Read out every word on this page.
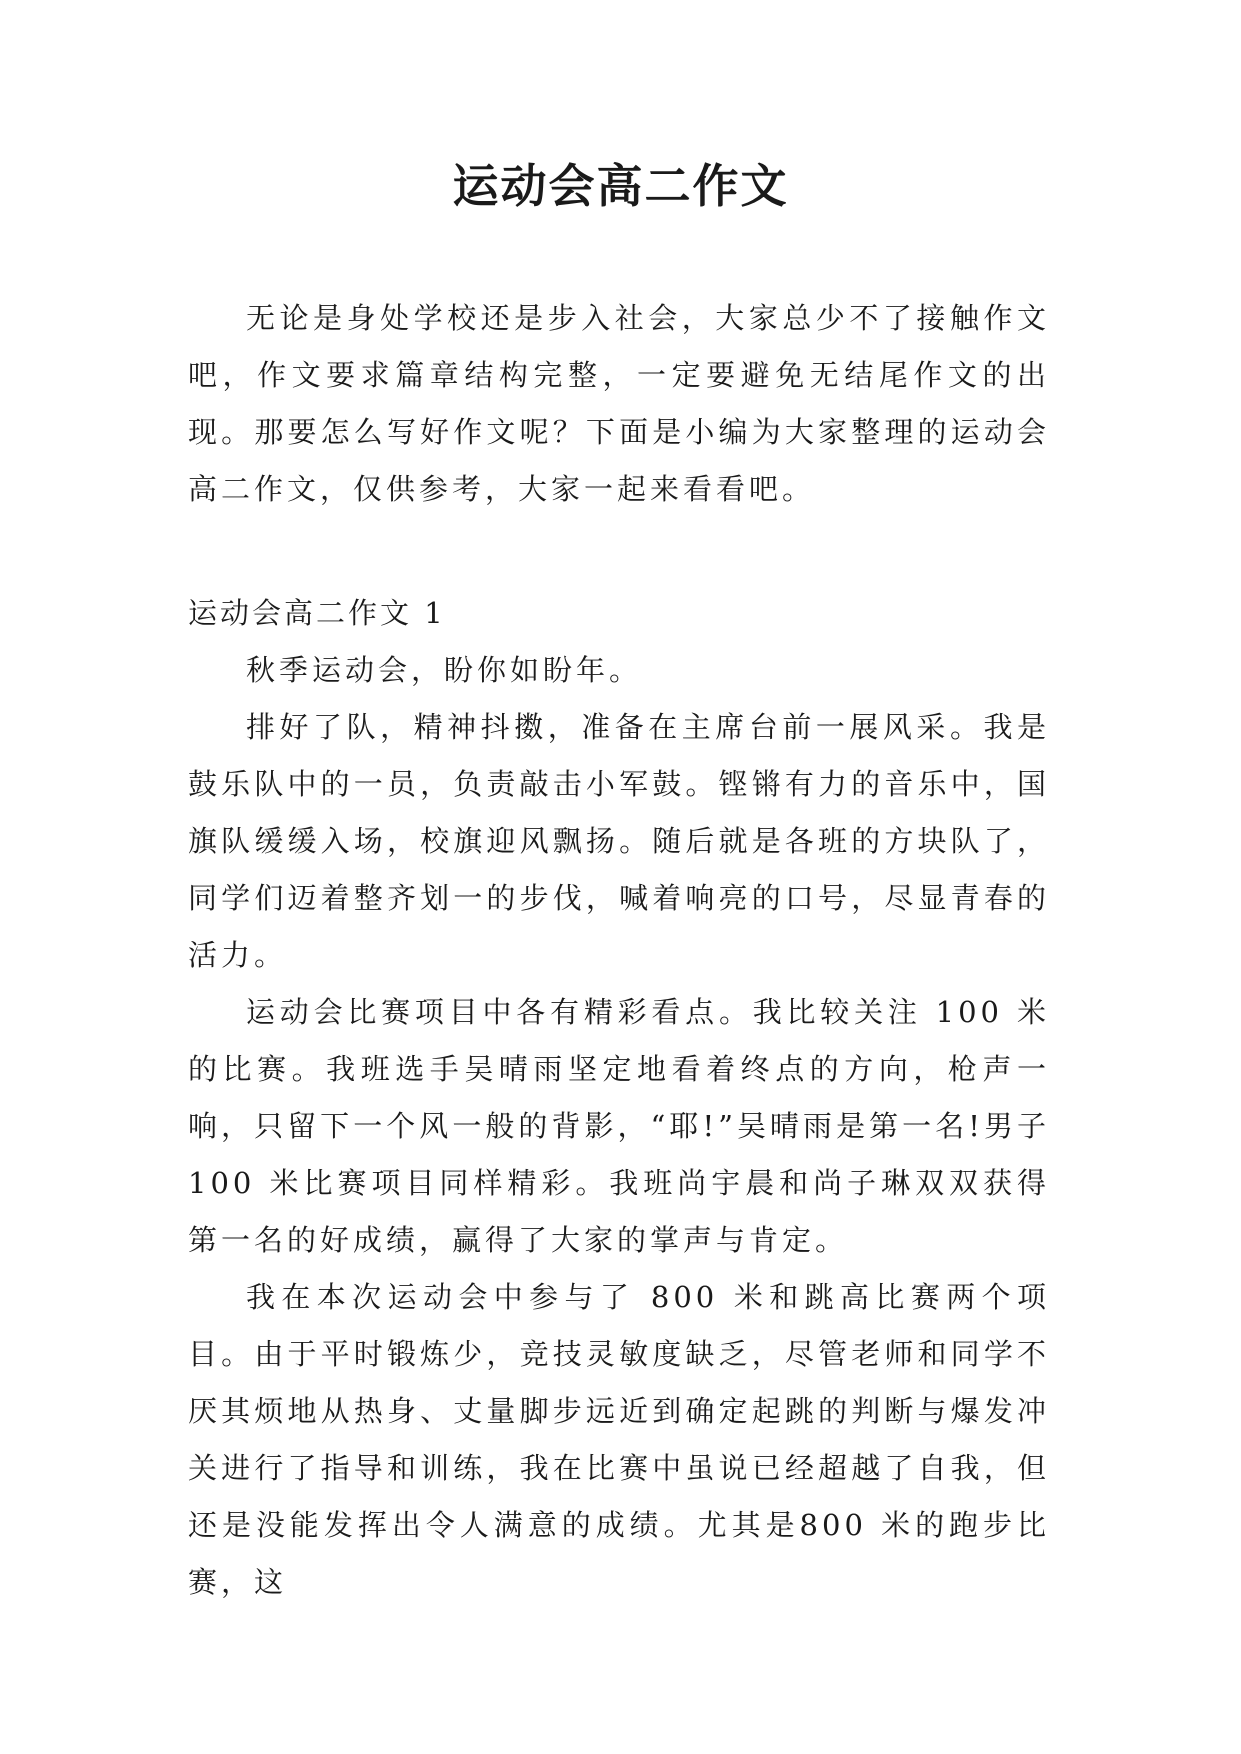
运动会高二作文

无论是身处学校还是步入社会，大家总少不了接触作文吧，作文要求篇章结构完整，一定要避免无结尾作文的出现。那要怎么写好作文呢？下面是小编为大家整理的运动会高二作文，仅供参考，大家一起来看看吧。

运动会高二作文 1

秋季运动会，盼你如盼年。

排好了队，精神抖擞，准备在主席台前一展风采。我是鼓乐队中的一员，负责敲击小军鼓。铿锵有力的音乐中，国旗队缓缓入场，校旗迎风飘扬。随后就是各班的方块队了，同学们迈着整齐划一的步伐，喊着响亮的口号，尽显青春的活力。

运动会比赛项目中各有精彩看点。我比较关注 100 米的比赛。我班选手吴晴雨坚定地看着终点的方向，枪声一响，只留下一个风一般的背影，“耶!”吴晴雨是第一名!男子 100 米比赛项目同样精彩。我班尚宇晨和尚子琳双双获得第一名的好成绩，赢得了大家的掌声与肯定。

我在本次运动会中参与了 800 米和跳高比赛两个项目。由于平时锻炼少，竞技灵敏度缺乏，尽管老师和同学不厌其烦地从热身、丈量脚步远近到确定起跳的判断与爆发冲关进行了指导和训练，我在比赛中虽说已经超越了自我，但还是没能发挥出令人满意的成绩。尤其是800 米的跑步比赛，这
